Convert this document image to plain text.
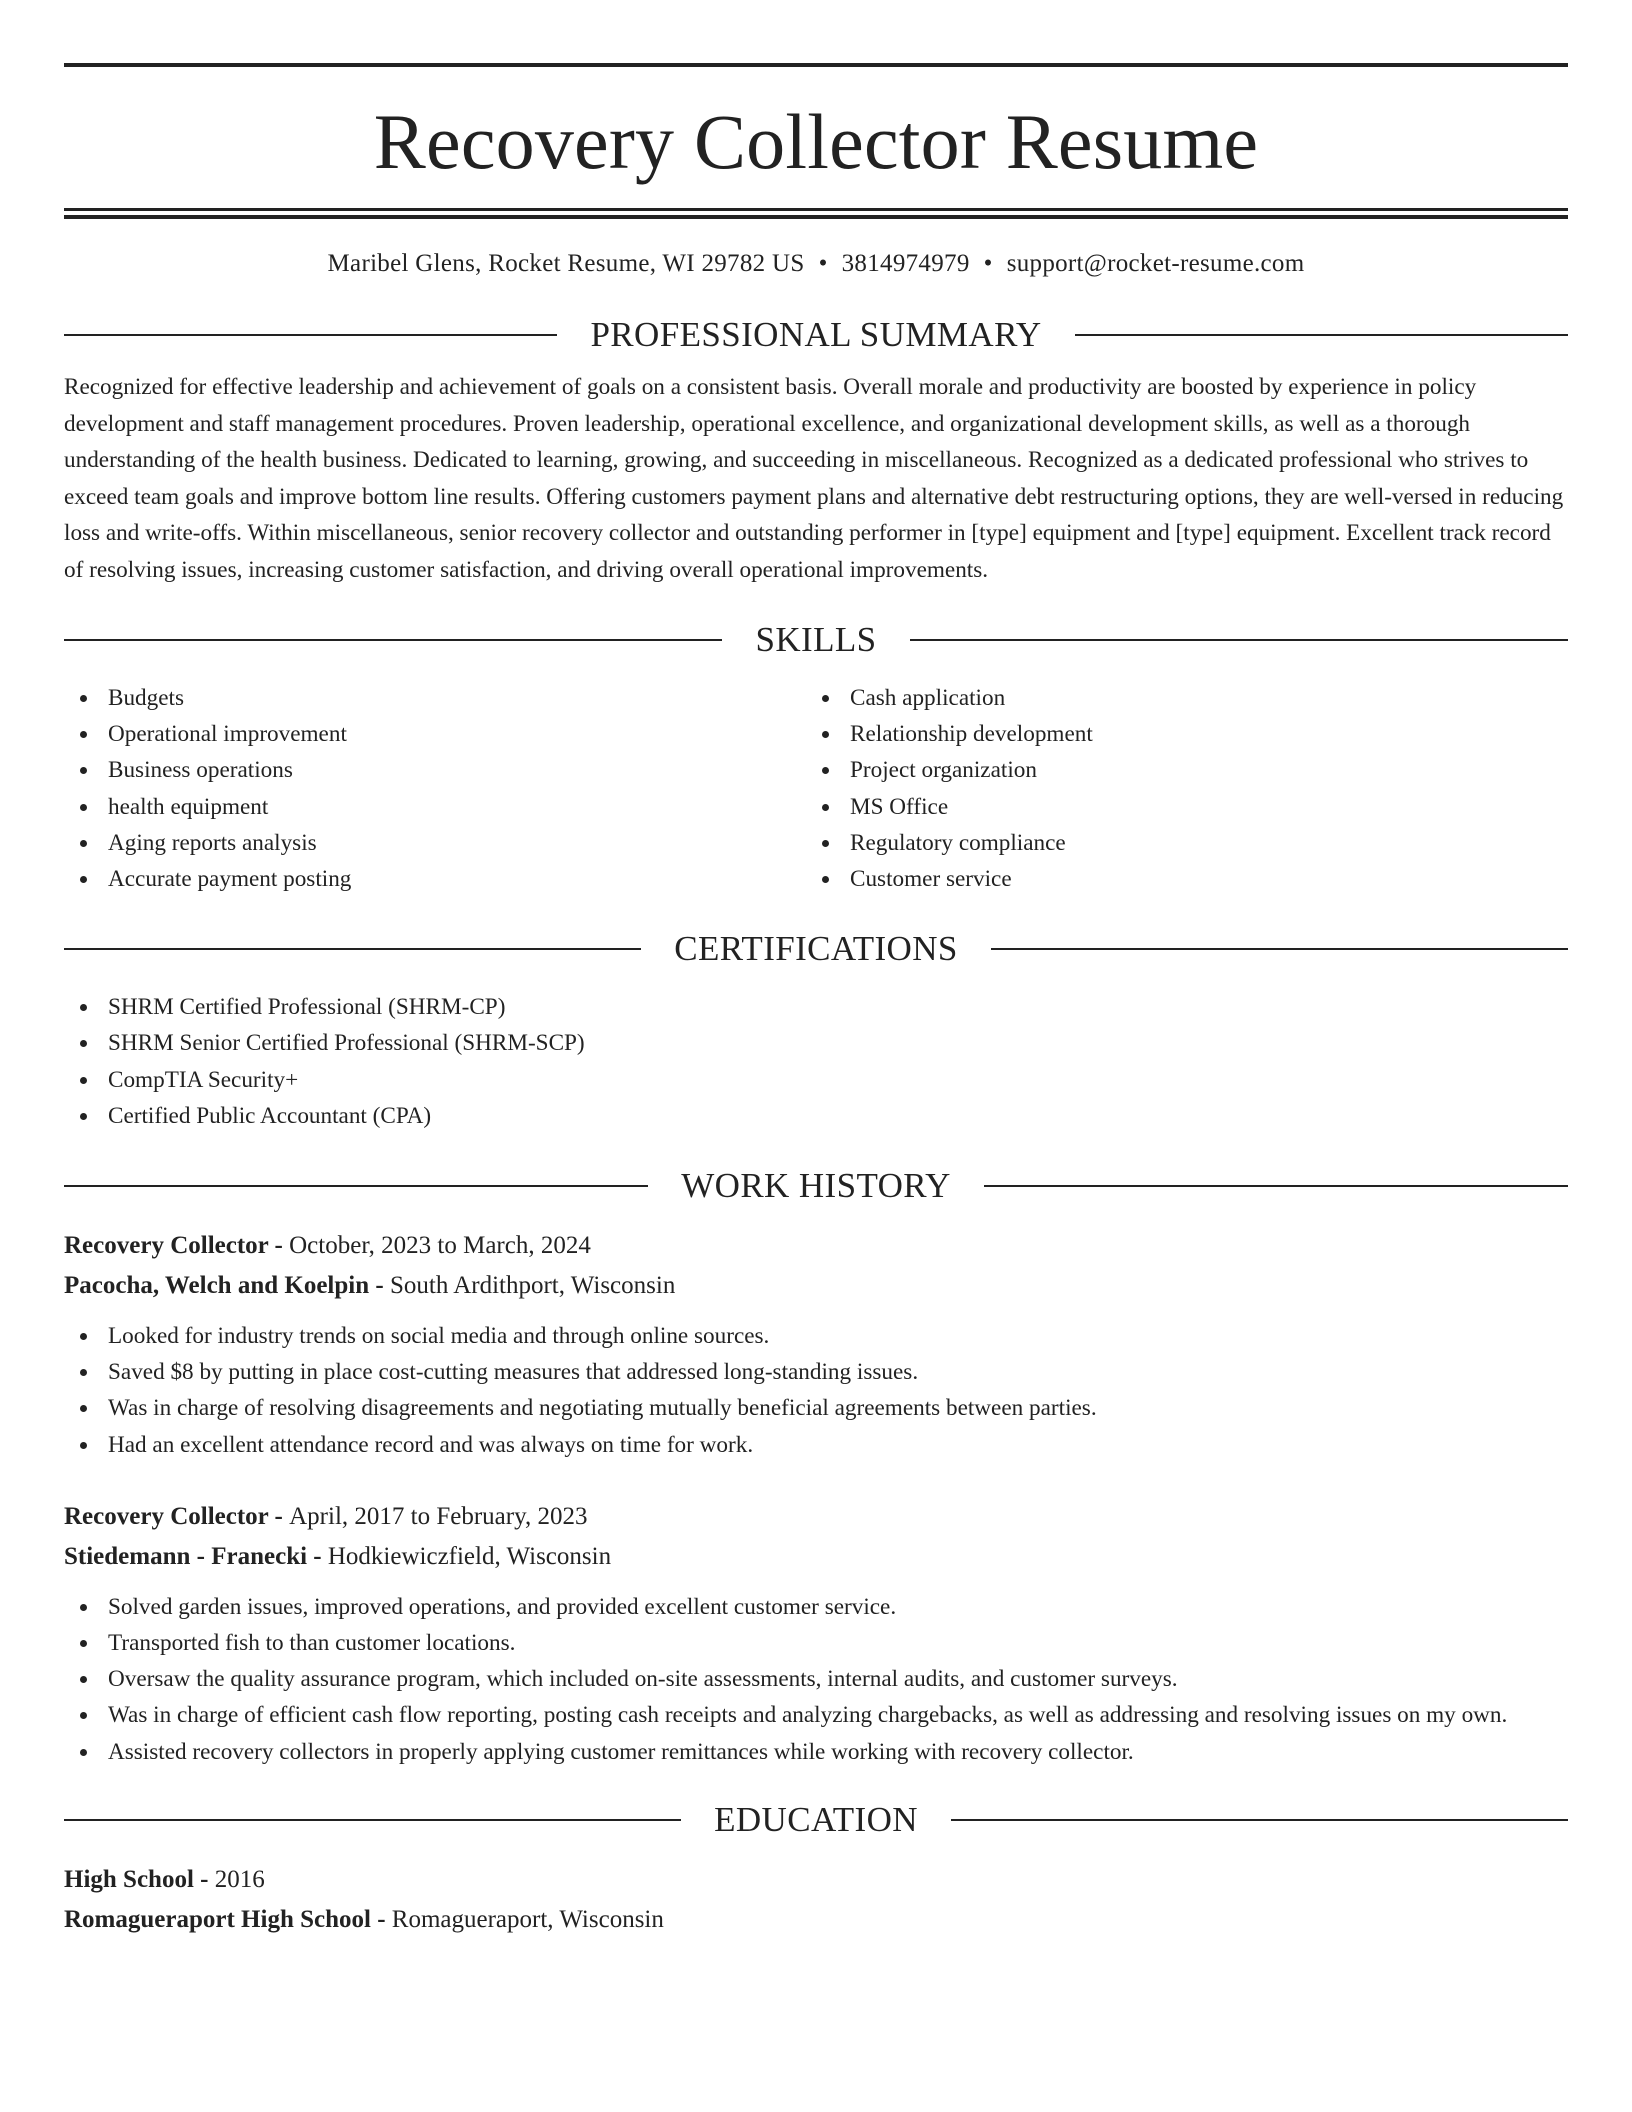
Recovery Collector Resume
Maribel Glens, Rocket Resume, WI 29782 US • 3814974979 • support@rocket-resume.com
PROFESSIONAL SUMMARY

Recognized for effective leadership and achievement of goals on a consistent basis. Overall morale and productivity are boosted by experience in policy development and staff management procedures. Proven leadership, operational excellence, and organizational development skills, as well as a thorough understanding of the health business. Dedicated to learning, growing, and succeeding in miscellaneous. Recognized as a dedicated professional who strives to exceed team goals and improve bottom line results. Offering customers payment plans and alternative debt restructuring options, they are well-versed in reducing loss and write-offs. Within miscellaneous, senior recovery collector and outstanding performer in [type] equipment and [type] equipment. Excellent track record of resolving issues, increasing customer satisfaction, and driving overall operational improvements.

SKILLS
Budgets
Operational improvement
Business operations
health equipment
Aging reports analysis
Accurate payment posting
Cash application
Relationship development
Project organization
MS Office
Regulatory compliance
Customer service
CERTIFICATIONS
SHRM Certified Professional (SHRM-CP)
SHRM Senior Certified Professional (SHRM-SCP)
CompTIA Security+
Certified Public Accountant (CPA)
WORK HISTORY
Recovery Collector - October, 2023 to March, 2024
Pacocha, Welch and Koelpin - South Ardithport, Wisconsin
Looked for industry trends on social media and through online sources.
Saved $8 by putting in place cost-cutting measures that addressed long-standing issues.
Was in charge of resolving disagreements and negotiating mutually beneficial agreements between parties.
Had an excellent attendance record and was always on time for work.
Recovery Collector - April, 2017 to February, 2023
Stiedemann - Franecki - Hodkiewiczfield, Wisconsin
Solved garden issues, improved operations, and provided excellent customer service.
Transported fish to than customer locations.
Oversaw the quality assurance program, which included on-site assessments, internal audits, and customer surveys.
Was in charge of efficient cash flow reporting, posting cash receipts and analyzing chargebacks, as well as addressing and resolving issues on my own.
Assisted recovery collectors in properly applying customer remittances while working with recovery collector.
EDUCATION
High School - 2016
Romagueraport High School - Romagueraport, Wisconsin
